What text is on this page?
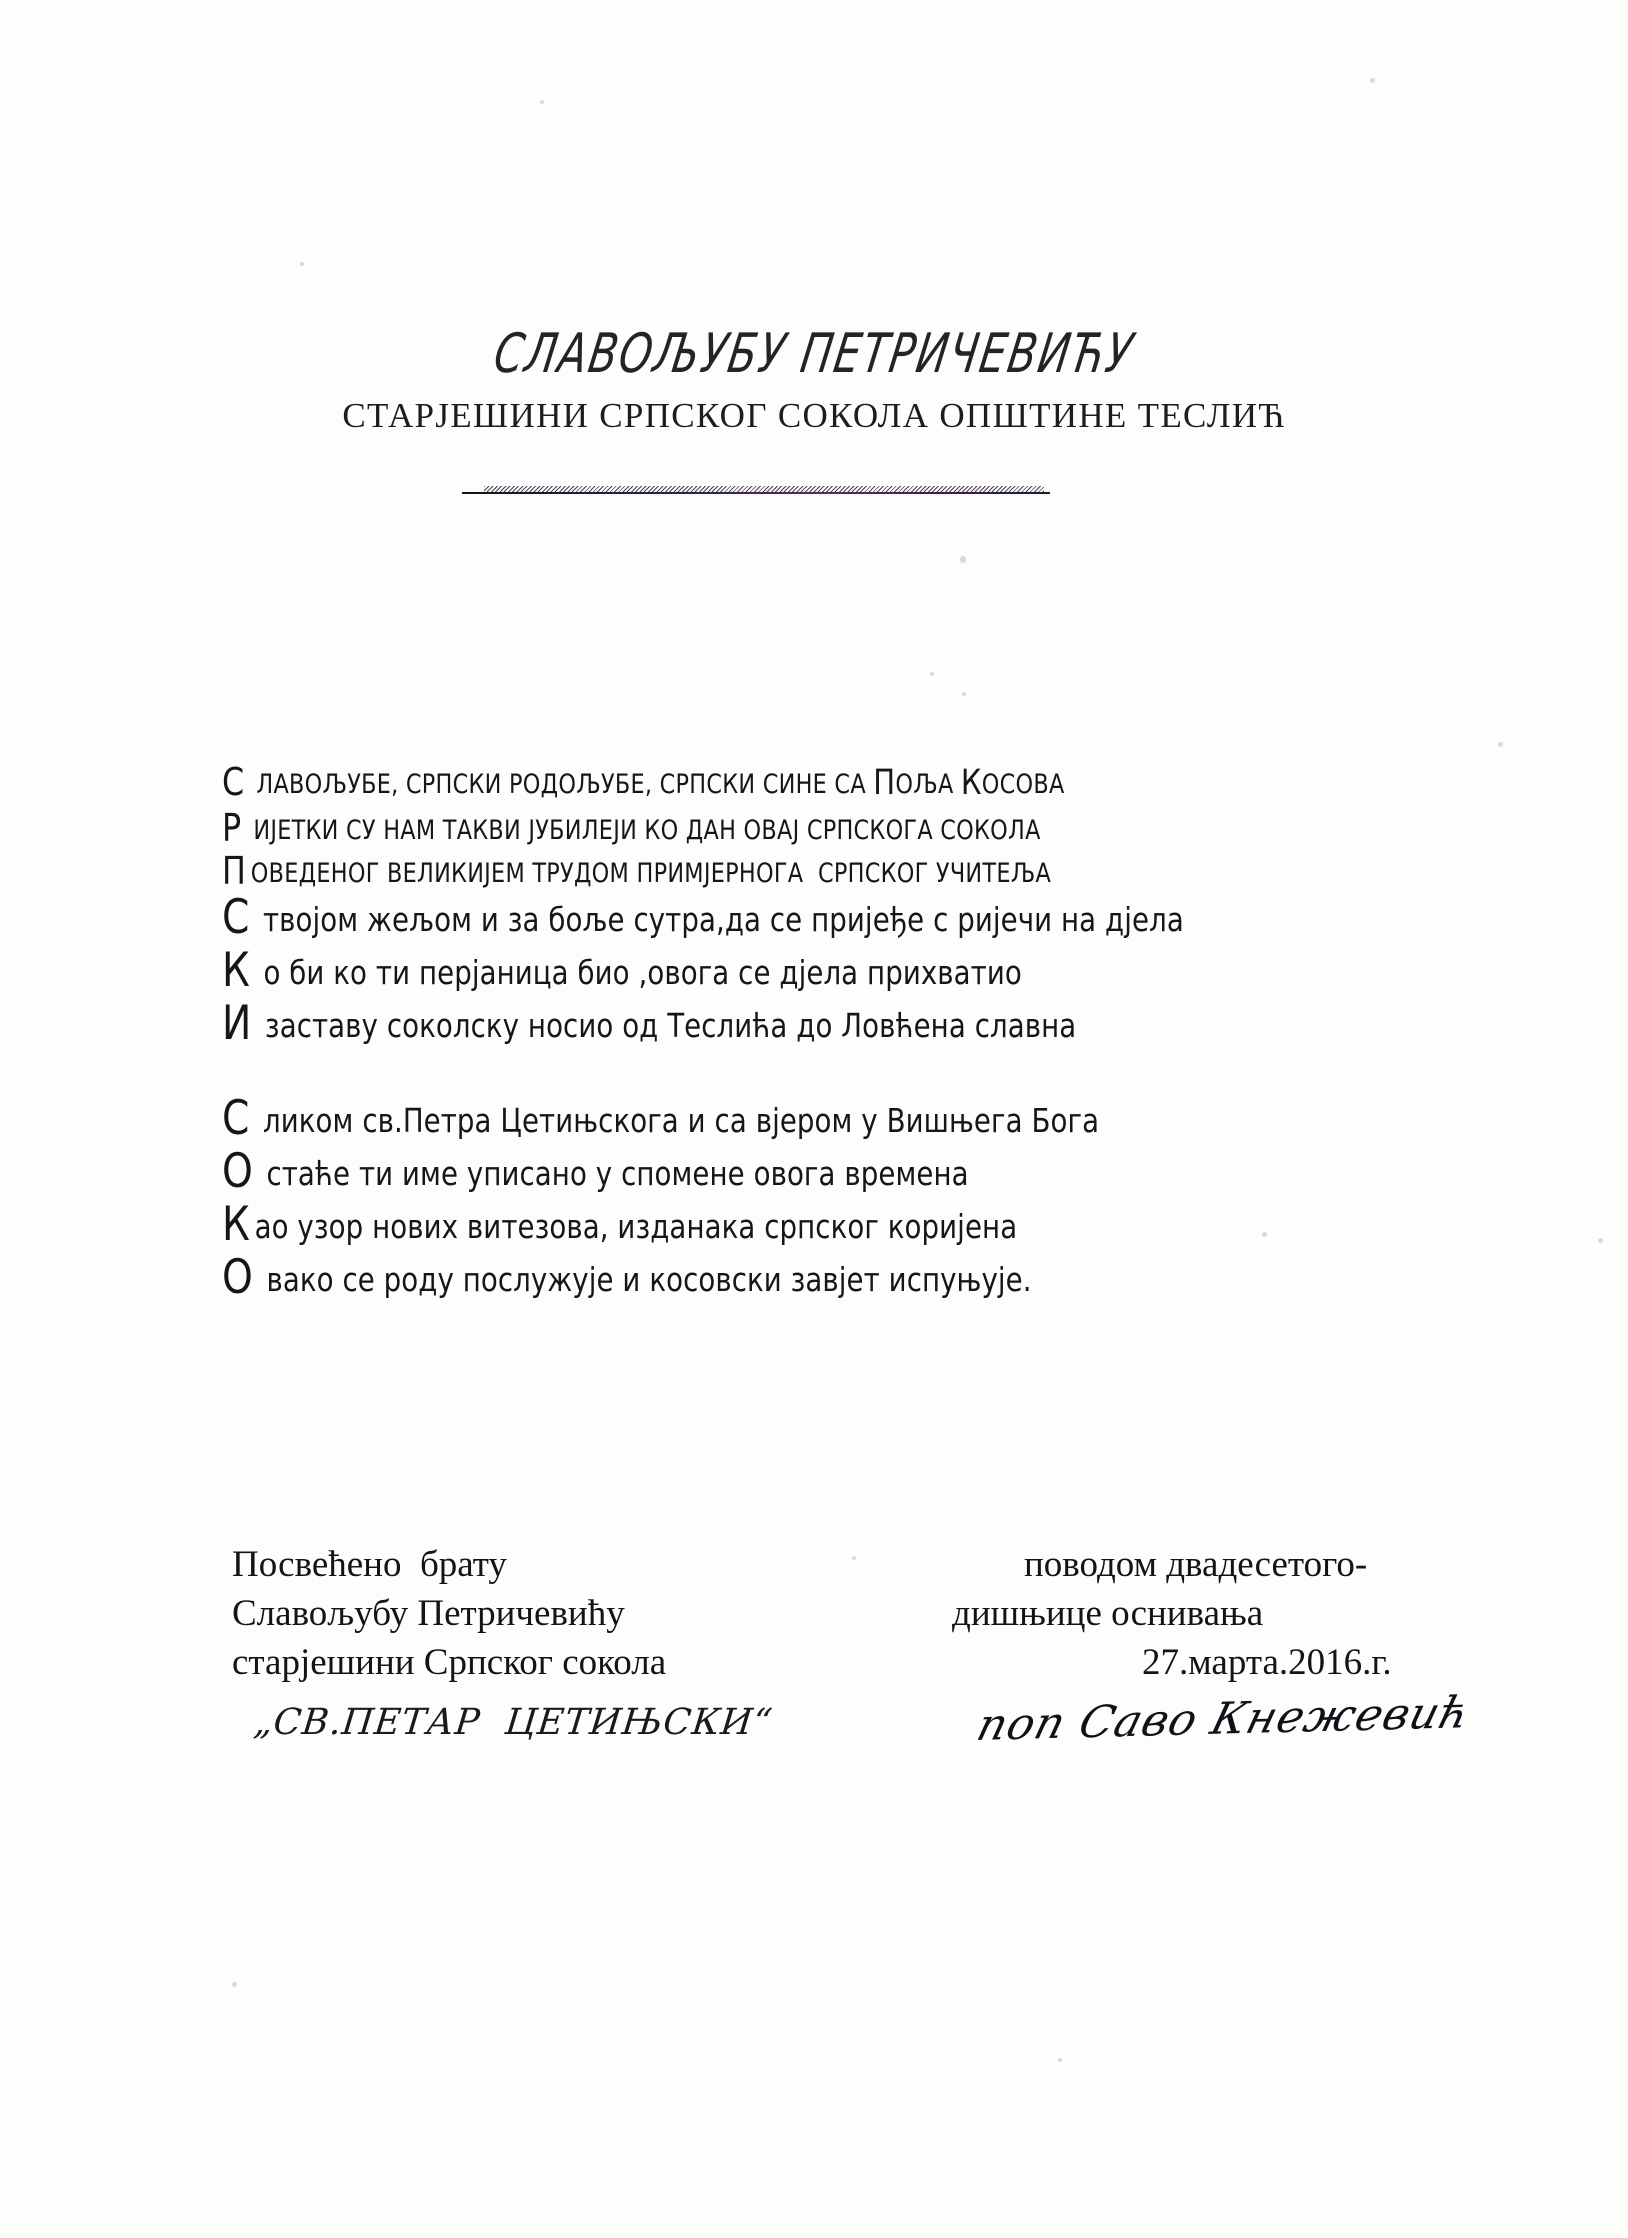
СЛАВОЉУБУ ПЕТРИЧЕВИЋУ
СТАРЈЕШИНИ СРПСКОГ СОКОЛА ОПШТИНЕ ТЕСЛИЋ
С ЛАВОЉУБЕ, СРПСКИ РОДОЉУБЕ, СРПСКИ СИНЕ СА ПОЉА КОСОВА
Р ИЈЕТКИ СУ НАМ ТАКВИ ЈУБИЛЕЈИ КО ДАН ОВАЈ СРПСКОГА СОКОЛА
П ОВЕДЕНОГ ВЕЛИКИЈЕМ ТРУДОМ ПРИМЈЕРНОГА  СРПСКОГ УЧИТЕЉА
С твојом жељом и за боље сутра,да се пријеђе с ријечи на дјела
К о би ко ти перјаница био ,овога се дјела прихватио
И заставу соколску носио од Теслића до Ловћена славна
С ликом св.Петра Цетињскога и са вјером у Вишњега Бога
О стаће ти име уписано у спомене овога времена
К ао узор нових витезова, изданака српског коријена
О вако се роду послужује и косовски завјет испуњује.
Посвећено  брату
Славољубу Петричевићу
старјешини Српског сокола
„СВ.ПЕТАР  ЦЕТИЊСКИ“
поводом двадесетого-
дишњице оснивања
27.марта.2016.г.
поп Саво Кнежевић
